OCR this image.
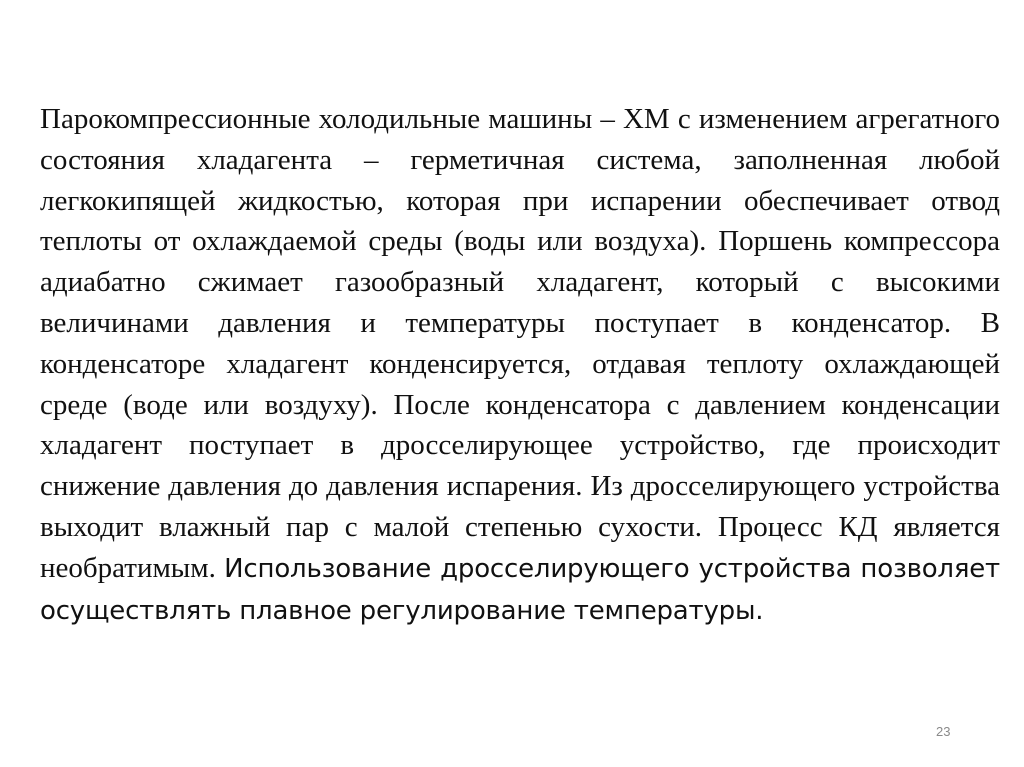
Парокомпрессионные холодильные машины – ХМ с изменением агрегатного состояния хладагента – герметичная система, заполненная любой легкокипящей жидкостью, которая при испарении обеспечивает отвод теплоты от охлаждаемой среды (воды или воздуха). Поршень компрессора адиабатно сжимает газообразный хладагент, который с высокими величинами давления и температуры поступает в конденсатор. В конденсаторе хладагент конденсируется, отдавая теплоту охлаждающей среде (воде или воздуху). После конденсатора с давлением конденсации хладагент поступает в дросселирующее устройство, где происходит снижение давления до давления испарения. Из дросселирующего устройства выходит влажный пар с малой степенью сухости. Процесс КД является необратимым. Использование дросселирующего устройства позволяет осуществлять плавное регулирование температуры.

23
